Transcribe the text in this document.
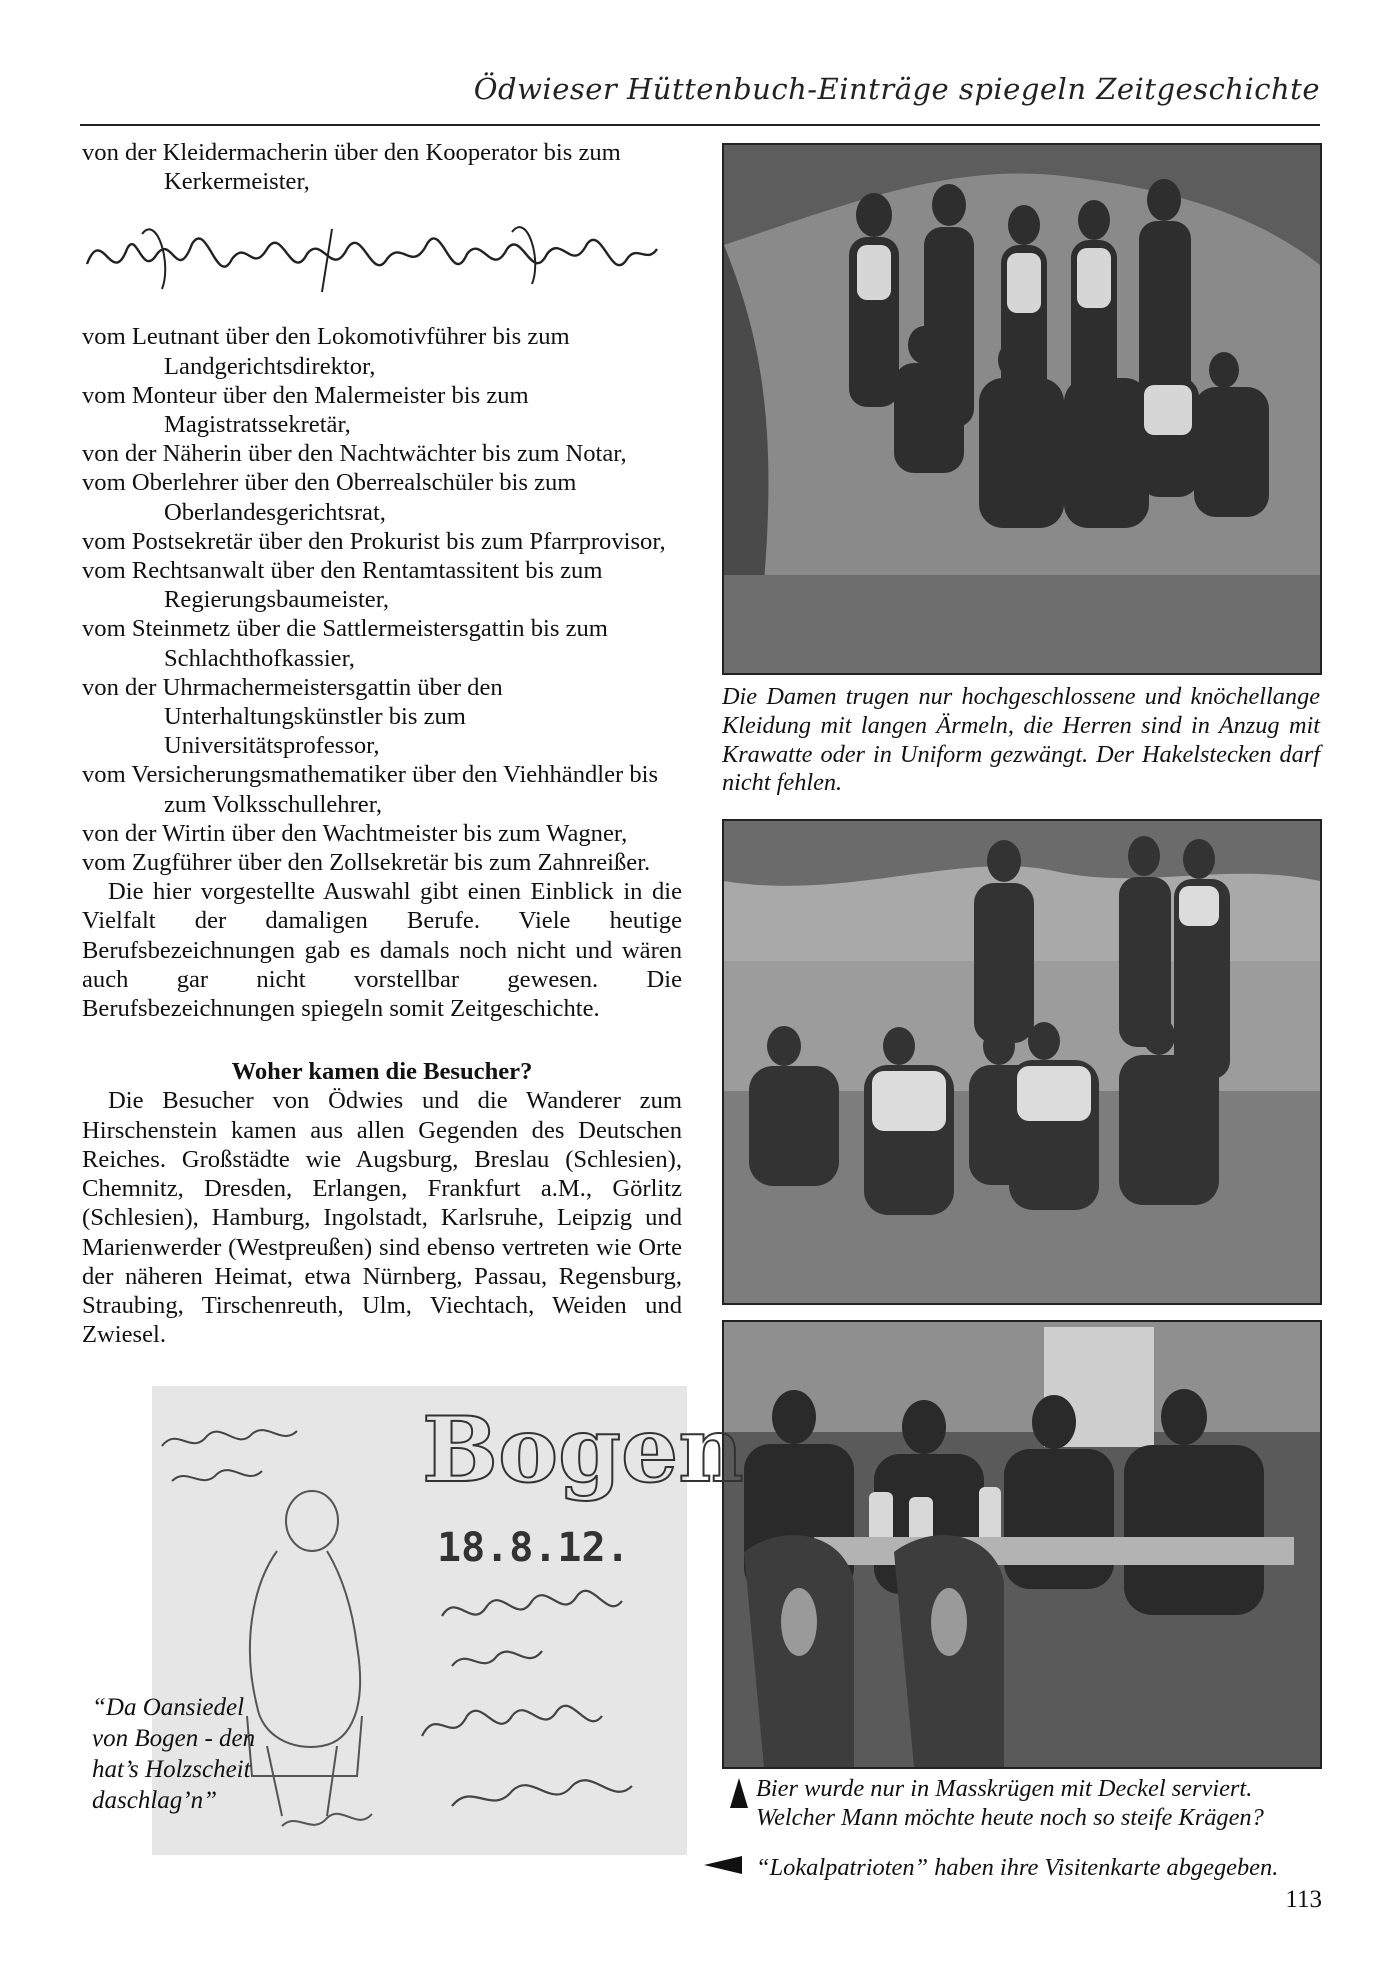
Ödwieser Hüttenbuch-Einträge spiegeln Zeitgeschichte

von der Kleidermacherin über den Kooperator bis zum Kerkermeister,

vom Leutnant über den Lokomotivführer bis zum Landgerichtsdirektor,

vom Monteur über den Malermeister bis zum Magistratssekretär,

von der Näherin über den Nachtwächter bis zum Notar,

vom Oberlehrer über den Oberrealschüler bis zum Oberlandesgerichtsrat,

vom Postsekretär über den Prokurist bis zum Pfarrprovisor,

vom Rechtsanwalt über den Rentamtassitent bis zum Regierungsbaumeister,

vom Steinmetz über die Sattlermeistersgattin bis zum Schlachthofkassier,

von der Uhrmachermeistersgattin über den Unterhaltungskünstler bis zum Universitätsprofessor,

vom Versicherungsmathematiker über den Viehhändler bis zum Volksschullehrer,

von der Wirtin über den Wachtmeister bis zum Wagner,

vom Zugführer über den Zollsekretär bis zum Zahnreißer.

Die hier vorgestellte Auswahl gibt einen Einblick in die Vielfalt der damaligen Berufe. Viele heutige Berufsbezeichnungen gab es damals noch nicht und wären auch gar nicht vorstellbar gewesen. Die Berufsbezeichnungen spiegeln somit Zeitgeschichte.

Woher kamen die Besucher?

Die Besucher von Ödwies und die Wanderer zum Hirschenstein kamen aus allen Gegenden des Deutschen Reiches. Großstädte wie Augsburg, Breslau (Schlesien), Chemnitz, Dresden, Erlangen, Frankfurt a.M., Görlitz (Schlesien), Hamburg, Ingolstadt, Karlsruhe, Leipzig und Marienwerder (Westpreußen) sind ebenso vertreten wie Orte der näheren Heimat, etwa Nürnberg, Passau, Regensburg, Straubing, Tirschenreuth, Ulm, Viechtach, Weiden und Zwiesel.

Die Damen trugen nur hochgeschlossene und knöchellange Kleidung mit langen Ärmeln, die Herren sind in Anzug mit Krawatte oder in Uniform gezwängt. Der Hakelstecken darf nicht fehlen.
Bogen
18.8.12.
“Da Oansiedel von Bogen - den hat’s Holzscheit daschlag’n”	Bier wurde nur in Masskrügen mit Deckel serviert. Welcher Mann möchte heute noch so steife Krägen?
“Lokalpatrioten” haben ihre Visitenkarte abgegeben.
113
